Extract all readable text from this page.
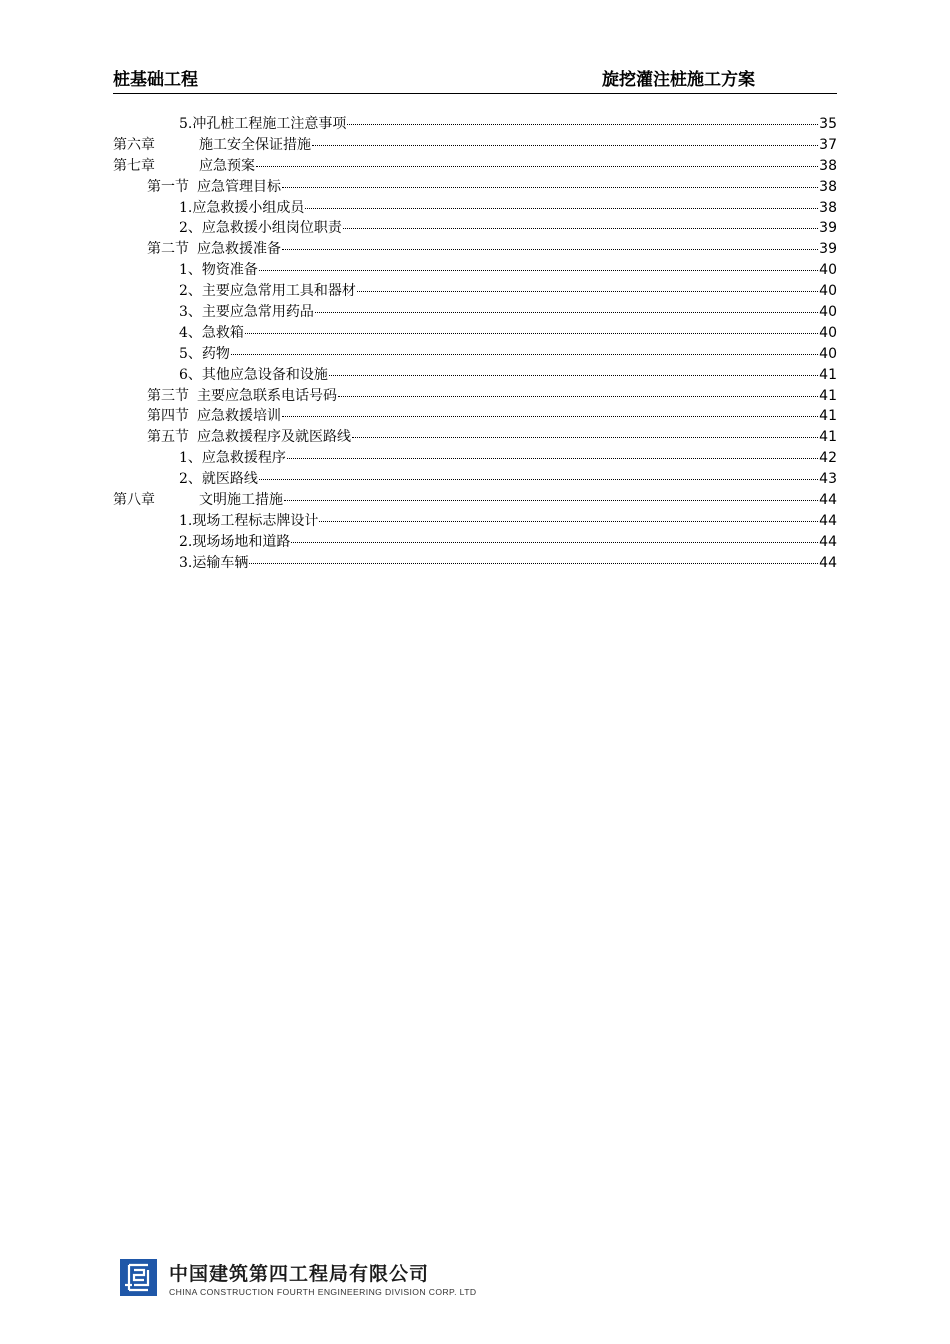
桩基础工程	旋挖灌注桩施工方案
5.冲孔桩工程施工注意事项	35
第六章	施工安全保证措施	37
第七章	应急预案	38
第一节 应急管理目标	38
1.应急救援小组成员	38
2、应急救援小组岗位职责	39
第二节 应急救援准备	39
1、物资准备	40
2、主要应急常用工具和器材	40
3、主要应急常用药品	40
4、急救箱	40
5、药物	40
6、其他应急设备和设施	41
第三节 主要应急联系电话号码	41
第四节 应急救援培训	41
第五节 应急救援程序及就医路线	41
1、应急救援程序	42
2、就医路线	43
第八章	文明施工措施	44
1.现场工程标志牌设计	44
2.现场场地和道路	44
3.运输车辆	44
中国建筑第四工程局有限公司
CHINA CONSTRUCTION FOURTH ENGINEERING DIVISION CORP. LTD
